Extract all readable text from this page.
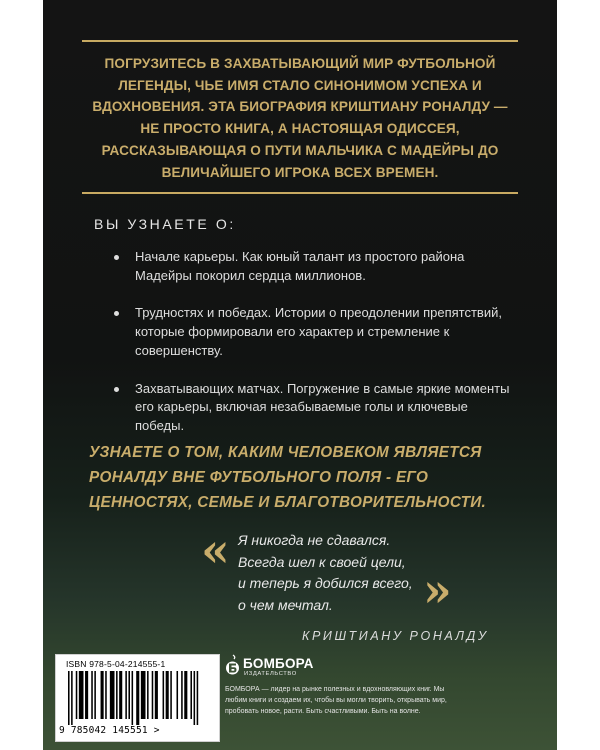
ПОГРУЗИТЕСЬ В ЗАХВАТЫВАЮЩИЙ МИР ФУТБОЛЬНОЙ ЛЕГЕНДЫ, ЧЬЕ ИМЯ СТАЛО СИНОНИМОМ УСПЕХА И ВДОХНОВЕНИЯ. ЭТА БИОГРАФИЯ КРИШТИАНУ РОНАЛДУ — НЕ ПРОСТО КНИГА, А НАСТОЯЩАЯ ОДИССЕЯ, РАССКАЗЫВАЮЩАЯ О ПУТИ МАЛЬЧИКА С МАДЕЙРЫ ДО ВЕЛИЧАЙШЕГО ИГРОКА ВСЕХ ВРЕМЕН.
ВЫ УЗНАЕТЕ О:
Начале карьеры. Как юный талант из простого района Мадейры покорил сердца миллионов.
Трудностях и победах. Истории о преодолении препятствий, которые формировали его характер и стремление к совершенству.
Захватывающих матчах. Погружение в самые яркие моменты его карьеры, включая незабываемые голы и ключевые победы.
УЗНАЕТЕ О ТОМ, КАКИМ ЧЕЛОВЕКОМ ЯВЛЯЕТСЯ РОНАЛДУ ВНЕ ФУТБОЛЬНОГО ПОЛЯ - ЕГО ЦЕННОСТЯХ, СЕМЬЕ И БЛАГОТВОРИТЕЛЬНОСТИ.
« Я никогда не сдавался.
Всегда шел к своей цели,
и теперь я добился всего,
о чем мечтал.	»
КРИШТИАНУ РОНАЛДУ
ISBN 978-5-04-214555-1
9 785042 145551 >
БОМБОРА
ИЗДАТЕЛЬСТВО
БОМБОРА — лидер на рынке полезных и вдохновляющих книг. Мы любим книги и создаем их, чтобы вы могли творить, открывать мир, пробовать новое, расти. Быть счастливыми. Быть на волне.
